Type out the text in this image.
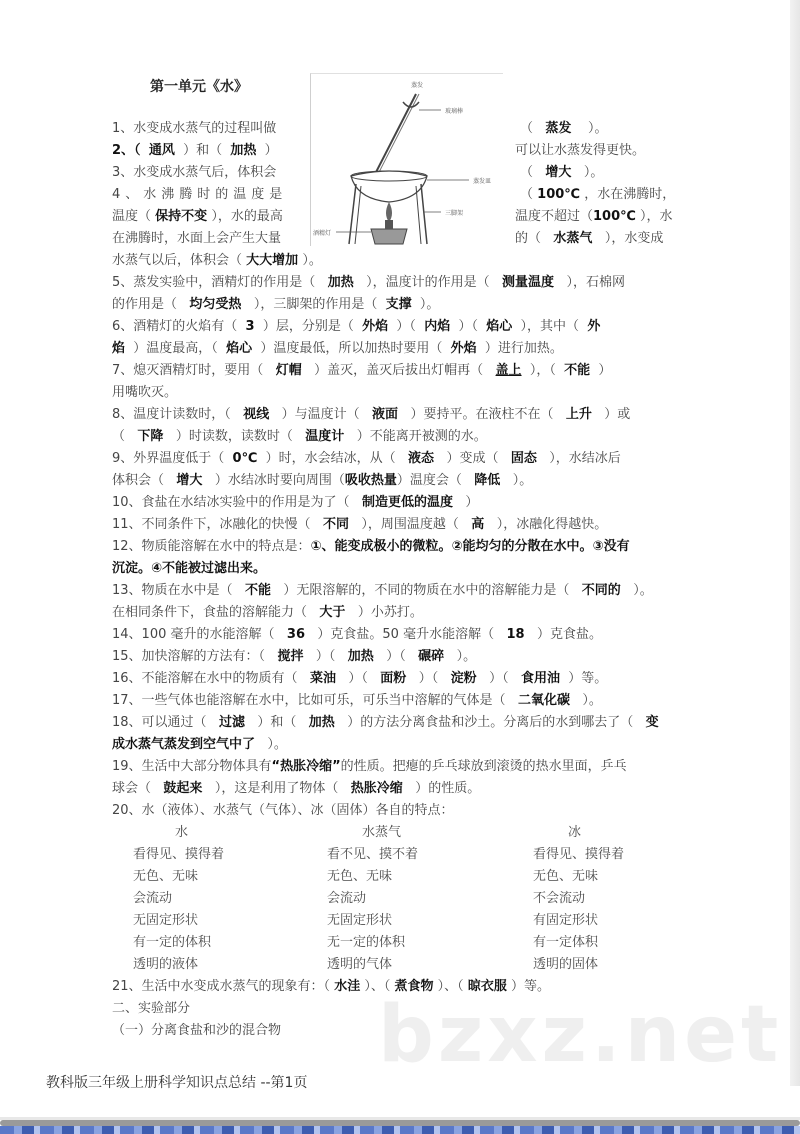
第一单元《水》	蒸发
玻璃棒
蒸发皿
三脚架
酒精灯
1、水变成水蒸气的过程叫做	（ 蒸发 ）。
2、（ 通风 ）和（ 加热 ）	可以让水蒸发得更快。
3、水变成水蒸气后，体积会	（ 增大 ）。
4、水沸腾时的温度是	（ 100℃ ，水在沸腾时，
温度（ 保持不变 ），水的最高	温度不超过（100℃ ），水
在沸腾时，水面上会产生大量	的（ 水蒸气 ），水变成
水蒸气以后，体积会（ 大大增加 ）。
5、蒸发实验中，酒精灯的作用是（ 加热 ），温度计的作用是（ 测量温度 ），石棉网
的作用是（ 均匀受热 ），三脚架的作用是（ 支撑 ）。
6、酒精灯的火焰有（ 3 ）层，分别是（ 外焰 ）（ 内焰 ）（ 焰心 ），其中（ 外
焰 ）温度最高，（ 焰心 ）温度最低，所以加热时要用（ 外焰 ）进行加热。
7、熄灭酒精灯时，要用（ 灯帽 ）盖灭，盖灭后拔出灯帽再（ 盖上 ），（ 不能 ）
用嘴吹灭。
8、温度计读数时，（ 视线 ）与温度计（ 液面 ）要持平。在液柱不在（ 上升 ）或
（ 下降 ）时读数，读数时（ 温度计 ）不能离开被测的水。
9、外界温度低于（ 0℃ ）时，水会结冰，从（ 液态 ）变成（ 固态 ），水结冰后
体积会（ 增大 ）水结冰时要向周围（吸收热量）温度会（ 降低 ）。
10、食盐在水结冰实验中的作用是为了（ 制造更低的温度 ）
11、不同条件下，冰融化的快慢（ 不同 ），周围温度越（ 高 ），冰融化得越快。
12、物质能溶解在水中的特点是：①、能变成极小的微粒。②能均匀的分散在水中。③没有
沉淀。④不能被过滤出来。
13、物质在水中是（ 不能 ）无限溶解的，不同的物质在水中的溶解能力是（ 不同的 ）。
在相同条件下，食盐的溶解能力（ 大于 ）小苏打。
14、100 毫升的水能溶解（ 36 ）克食盐。50 毫升水能溶解（ 18 ）克食盐。
15、加快溶解的方法有：（ 搅拌 ）（ 加热 ）（ 碾碎 ）。
16、不能溶解在水中的物质有（ 菜油 ）（ 面粉 ）（ 淀粉 ）（ 食用油 ）等。
17、一些气体也能溶解在水中，比如可乐，可乐当中溶解的气体是（ 二氧化碳 ）。
18、可以通过（ 过滤 ）和（ 加热 ）的方法分离食盐和沙土。分离后的水到哪去了（ 变
成水蒸气蒸发到空气中了 ）。
19、生活中大部分物体具有“热胀冷缩”的性质。把瘪的乒乓球放到滚烫的热水里面，乒乓
球会（ 鼓起来 ），这是利用了物体（ 热胀冷缩 ）的性质。
20、水（液体）、水蒸气（气体）、冰（固体）各自的特点：
水	水蒸气	冰
看得见、摸得着	看不见、摸不着	看得见、摸得着
无色、无味	无色、无味	无色、无味
会流动	会流动	不会流动
无固定形状	无固定形状	有固定形状
有一定的体积	无一定的体积	有一定体积
透明的液体	透明的气体	透明的固体
21、生活中水变成水蒸气的现象有：（ 水洼 ）、（ 煮食物 ）、（ 晾衣服 ）等。
二、实验部分
（一）分离食盐和沙的混合物 bzxz.net
教科版三年级上册科学知识点总结 --第1页
